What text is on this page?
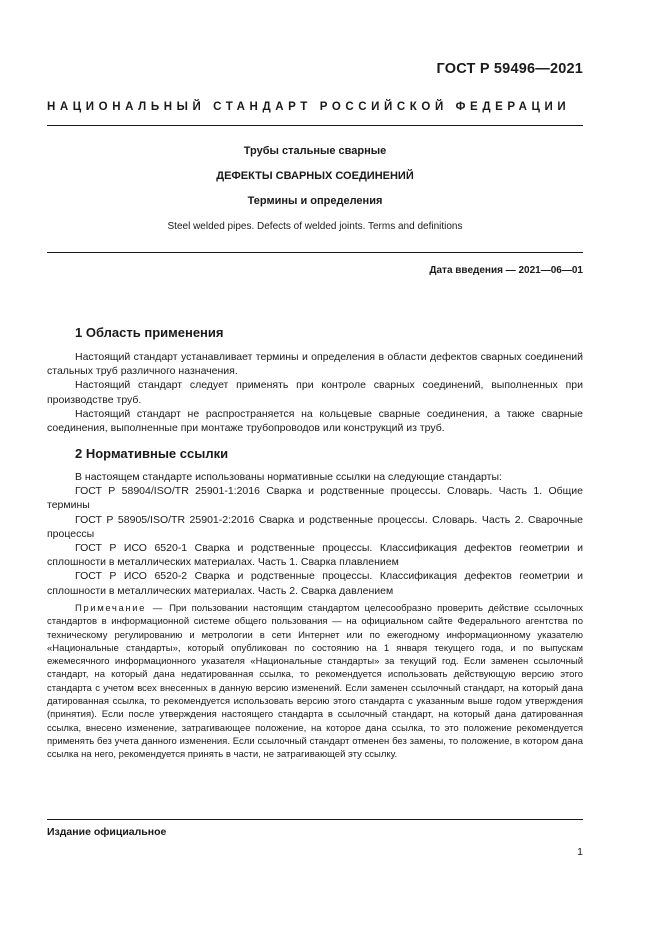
ГОСТ Р 59496—2021
НАЦИОНАЛЬНЫЙ СТАНДАРТ РОССИЙСКОЙ ФЕДЕРАЦИИ
Трубы стальные сварные
ДЕФЕКТЫ СВАРНЫХ СОЕДИНЕНИЙ
Термины и определения
Steel welded pipes. Defects of welded joints. Terms and definitions
Дата введения — 2021—06—01
1 Область применения

Настоящий стандарт устанавливает термины и определения в области дефектов сварных соединений стальных труб различного назначения.

Настоящий стандарт следует применять при контроле сварных соединений, выполненных при производстве труб.

Настоящий стандарт не распространяется на кольцевые сварные соединения, а также сварные соединения, выполненные при монтаже трубопроводов или конструкций из труб.

2 Нормативные ссылки

В настоящем стандарте использованы нормативные ссылки на следующие стандарты:

ГОСТ Р 58904/ISO/TR 25901-1:2016 Сварка и родственные процессы. Словарь. Часть 1. Общие термины

ГОСТ Р 58905/ISO/TR 25901-2:2016 Сварка и родственные процессы. Словарь. Часть 2. Сварочные процессы

ГОСТ Р ИСО 6520-1 Сварка и родственные процессы. Классификация дефектов геометрии и сплошности в металлических материалах. Часть 1. Сварка плавлением

ГОСТ Р ИСО 6520-2 Сварка и родственные процессы. Классификация дефектов геометрии и сплошности в металлических материалах. Часть 2. Сварка давлением

Примечание — При пользовании настоящим стандартом целесообразно проверить действие ссылочных стандартов в информационной системе общего пользования — на официальном сайте Федерального агентства по техническому регулированию и метрологии в сети Интернет или по ежегодному информационному указателю «Национальные стандарты», который опубликован по состоянию на 1 января текущего года, и по выпускам ежемесячного информационного указателя «Национальные стандарты» за текущий год. Если заменен ссылочный стандарт, на который дана недатированная ссылка, то рекомендуется использовать действующую версию этого стандарта с учетом всех внесенных в данную версию изменений. Если заменен ссылочный стандарт, на который дана датированная ссылка, то рекомендуется использовать версию этого стандарта с указанным выше годом утверждения (принятия). Если после утверждения настоящего стандарта в ссылочный стандарт, на который дана датированная ссылка, внесено изменение, затрагивающее положение, на которое дана ссылка, то это положение рекомендуется применять без учета данного изменения. Если ссылочный стандарт отменен без замены, то положение, в котором дана ссылка на него, рекомендуется принять в части, не затрагивающей эту ссылку.
Издание официальное
1
